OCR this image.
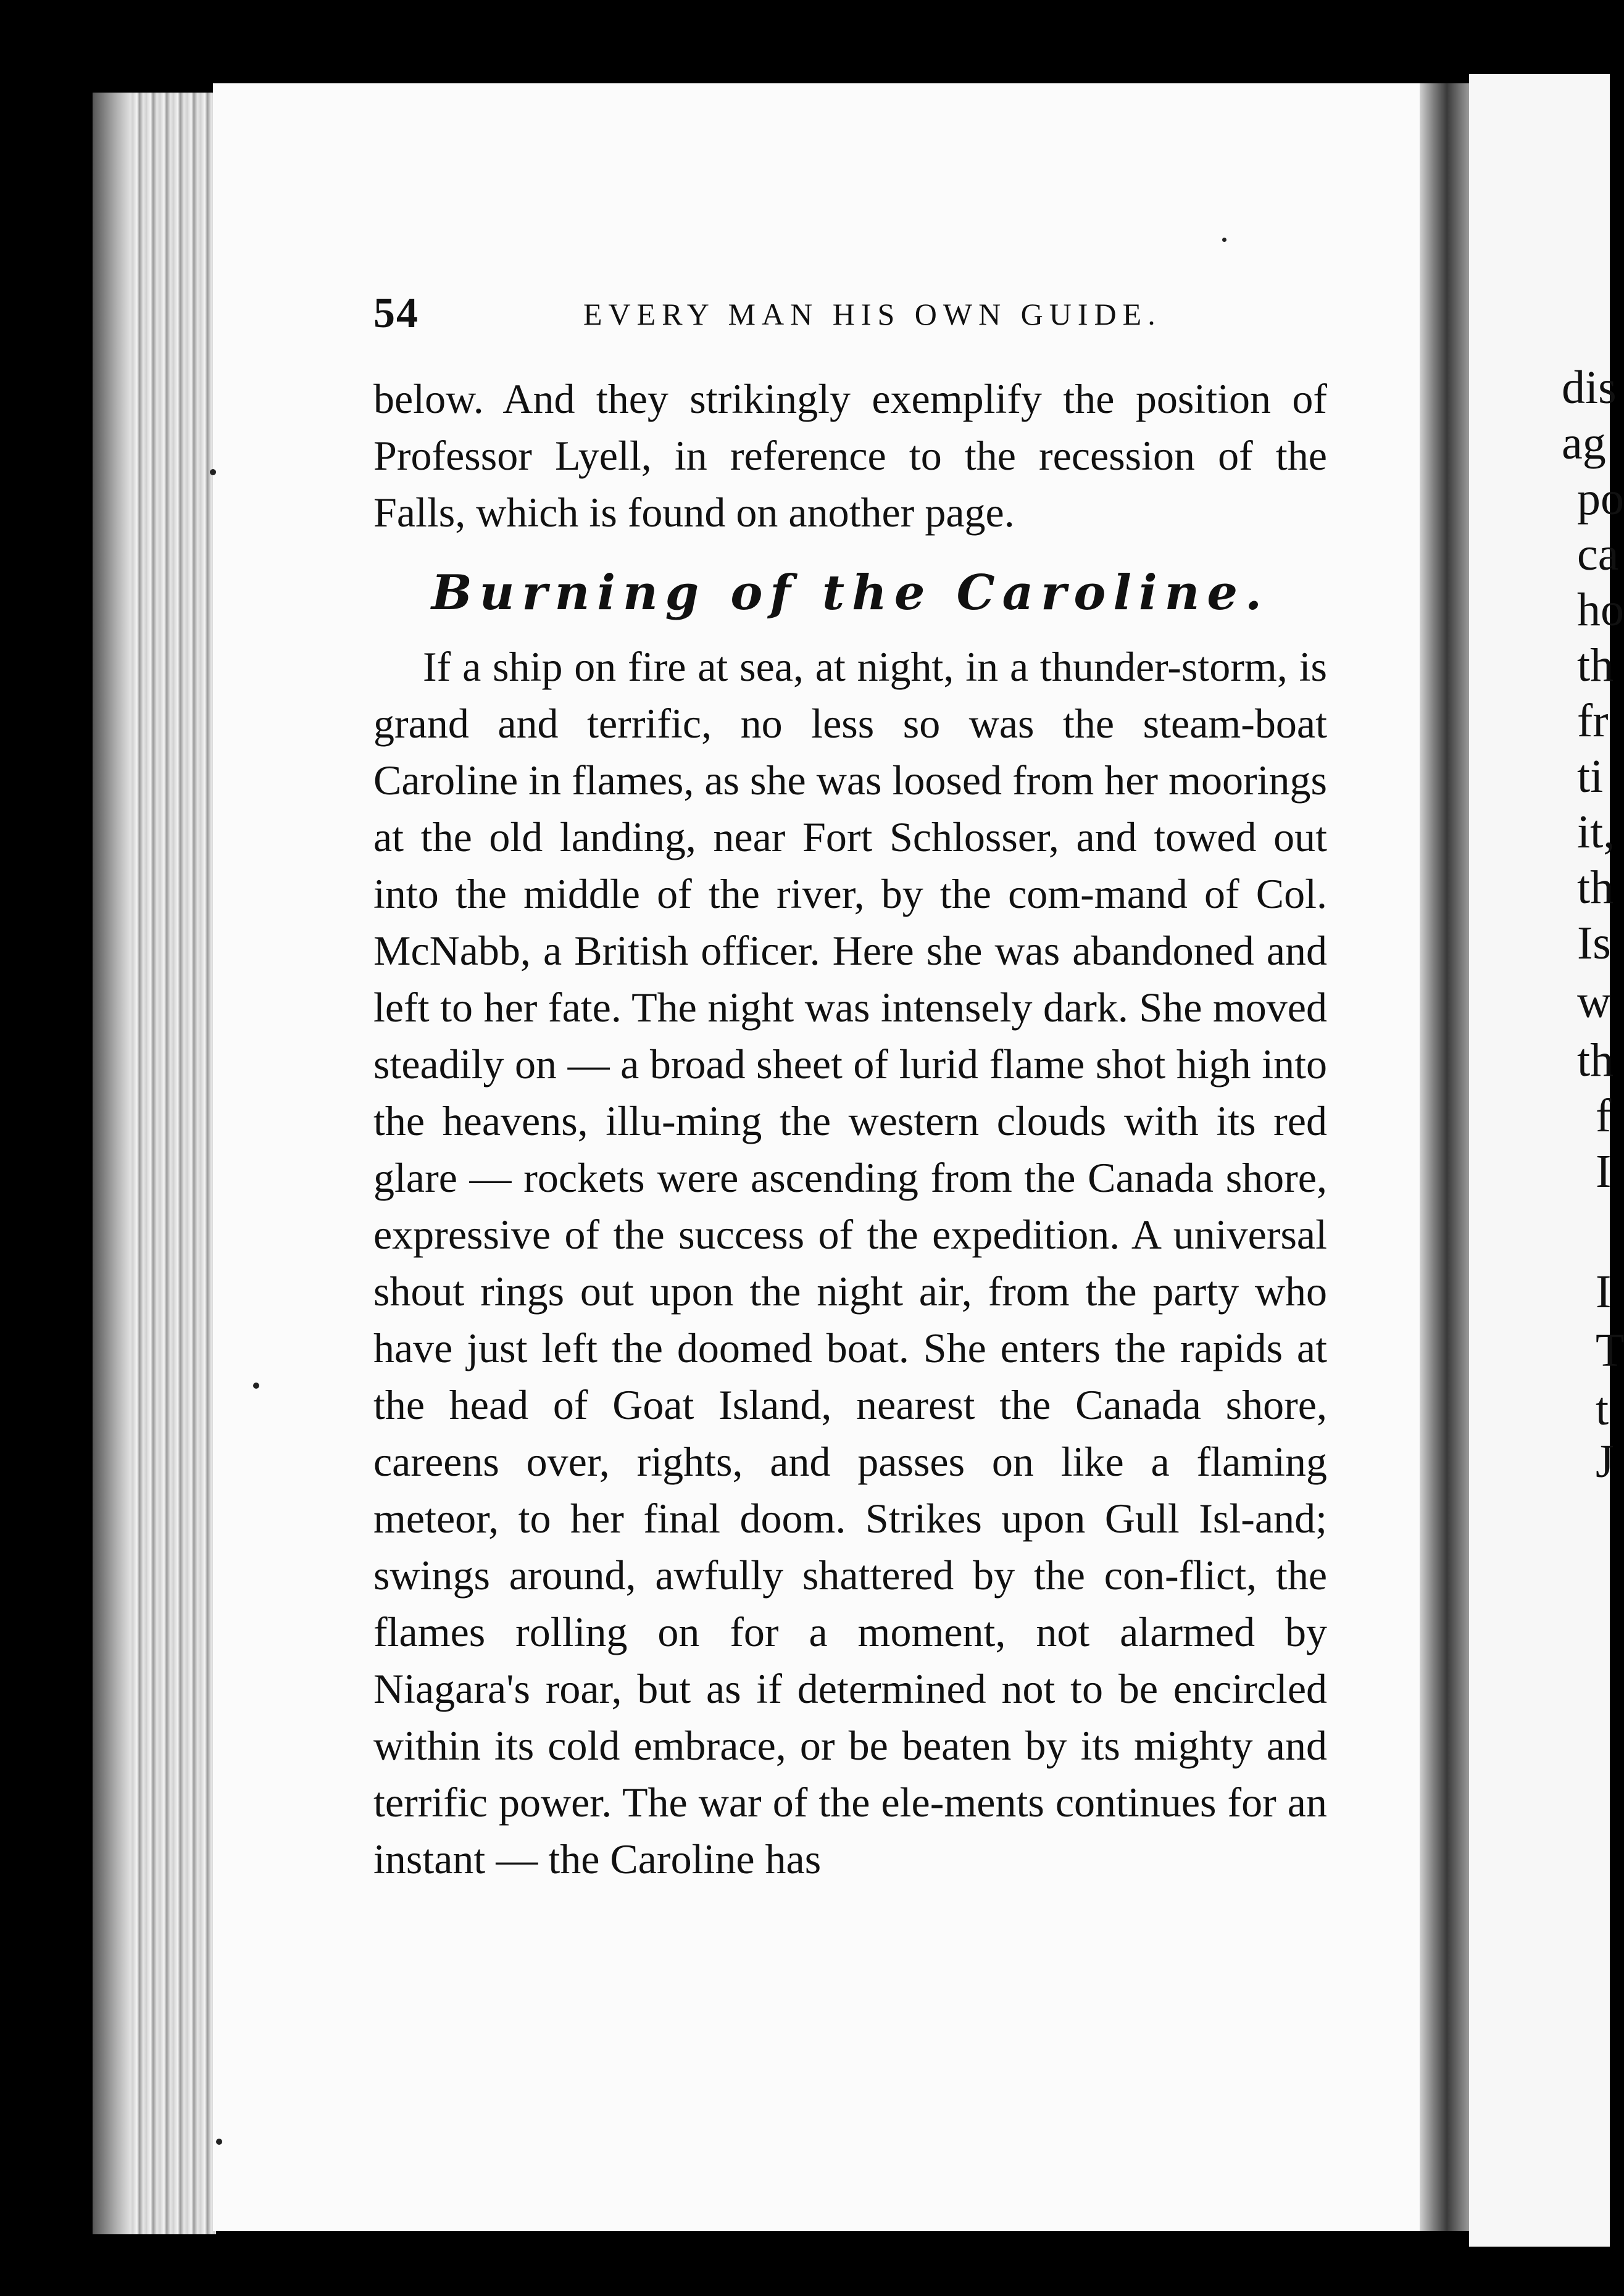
54	EVERY MAN HIS OWN GUIDE.

below. And they strikingly exemplify the position of Professor Lyell, in reference to the recession of the Falls, which is found on another page.

Burning of the Caroline.

If a ship on fire at sea, at night, in a thunder-storm, is grand and terrific, no less so was the steam-boat Caroline in flames, as she was loosed from her moorings at the old landing, near Fort Schlosser, and towed out into the middle of the river, by the com-mand of Col. McNabb, a British officer. Here she was abandoned and left to her fate. The night was intensely dark. She moved steadily on — a broad sheet of lurid flame shot high into the heavens, illu-ming the western clouds with its red glare — rockets were ascending from the Canada shore, expressive of the success of the expedition. A universal shout rings out upon the night air, from the party who have just left the doomed boat. She enters the rapids at the head of Goat Island, nearest the Canada shore, careens over, rights, and passes on like a flaming meteor, to her final doom. Strikes upon Gull Isl-and; swings around, awfully shattered by the con-flict, the flames rolling on for a moment, not alarmed by Niagara's roar, but as if determined not to be encircled within its cold embrace, or be beaten by its mighty and terrific power. The war of the ele-ments continues for an instant — the Caroline has

dis
ag
po
ca
ho
th
fr
ti
it,
th
Is
w
th
f
I
I
T
t
J
